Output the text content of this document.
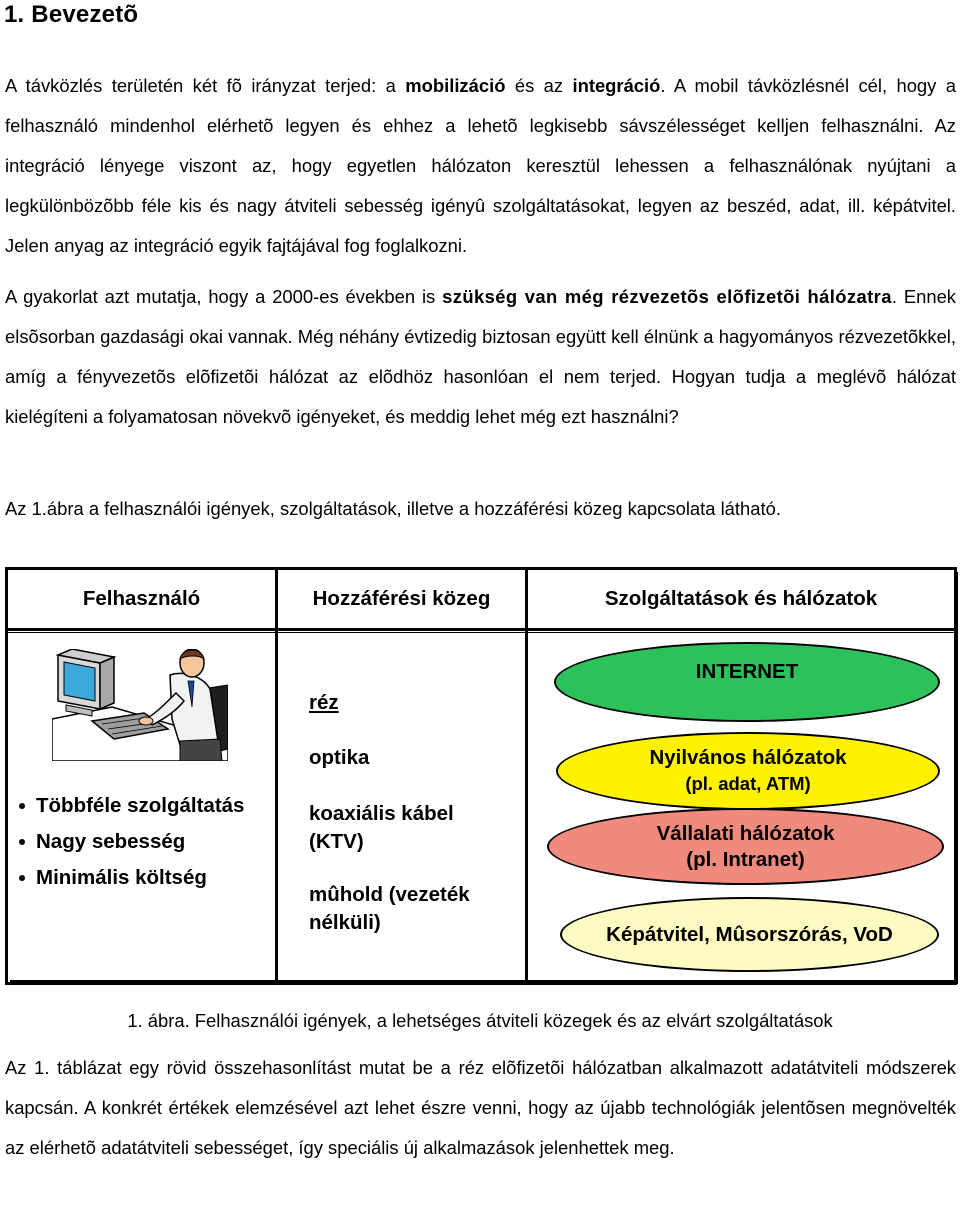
1. Bevezetõ

A távközlés területén két fõ irányzat terjed: a mobilizáció és az integráció. A mobil távközlésnél cél, hogy a felhasználó mindenhol elérhetõ legyen és ehhez a lehetõ legkisebb sávszélességet kelljen felhasználni. Az integráció lényege viszont az, hogy egyetlen hálózaton keresztül lehessen a felhasználónak nyújtani a legkülönbözõbb féle kis és nagy átviteli sebesség igényû szolgáltatásokat, legyen az beszéd, adat, ill. képátvitel. Jelen anyag az integráció egyik fajtájával fog foglalkozni.

A gyakorlat azt mutatja, hogy a 2000-es években is szükség van még rézvezetõs elõfizetõi hálózatra. Ennek elsõsorban gazdasági okai vannak. Még néhány évtizedig biztosan együtt kell élnünk a hagyományos rézvezetõkkel, amíg a fényvezetõs elõfizetõi hálózat az elõdhöz hasonlóan el nem terjed. Hogyan tudja a meglévõ hálózat kielégíteni a folyamatosan növekvõ igényeket, és meddig lehet még ezt használni?

Az 1.ábra a felhasználói igények, szolgáltatások, illetve a hozzáférési közeg kapcsolata látható.

Felhasználó	Hozzáférési közeg	Szolgáltatások és hálózatok
Többféle szolgáltatás
Nagy sebesség
Minimális költség
réz
optika
koaxiális kábel
(KTV)
mûhold (vezeték
nélküli)
INTERNET
Nyilvános hálózatok
(pl. adat, ATM)
Vállalati hálózatok
(pl. Intranet)
Képátvitel, Mûsorszórás, VoD

1. ábra. Felhasználói igények, a lehetséges átviteli közegek és az elvárt szolgáltatások

Az 1. táblázat egy rövid összehasonlítást mutat be a réz elõfizetõi hálózatban alkalmazott adatátviteli módszerek kapcsán. A konkrét értékek elemzésével azt lehet észre venni, hogy az újabb technológiák jelentõsen megnövelték az elérhetõ adatátviteli sebességet, így speciális új alkalmazások jelenhettek meg.
